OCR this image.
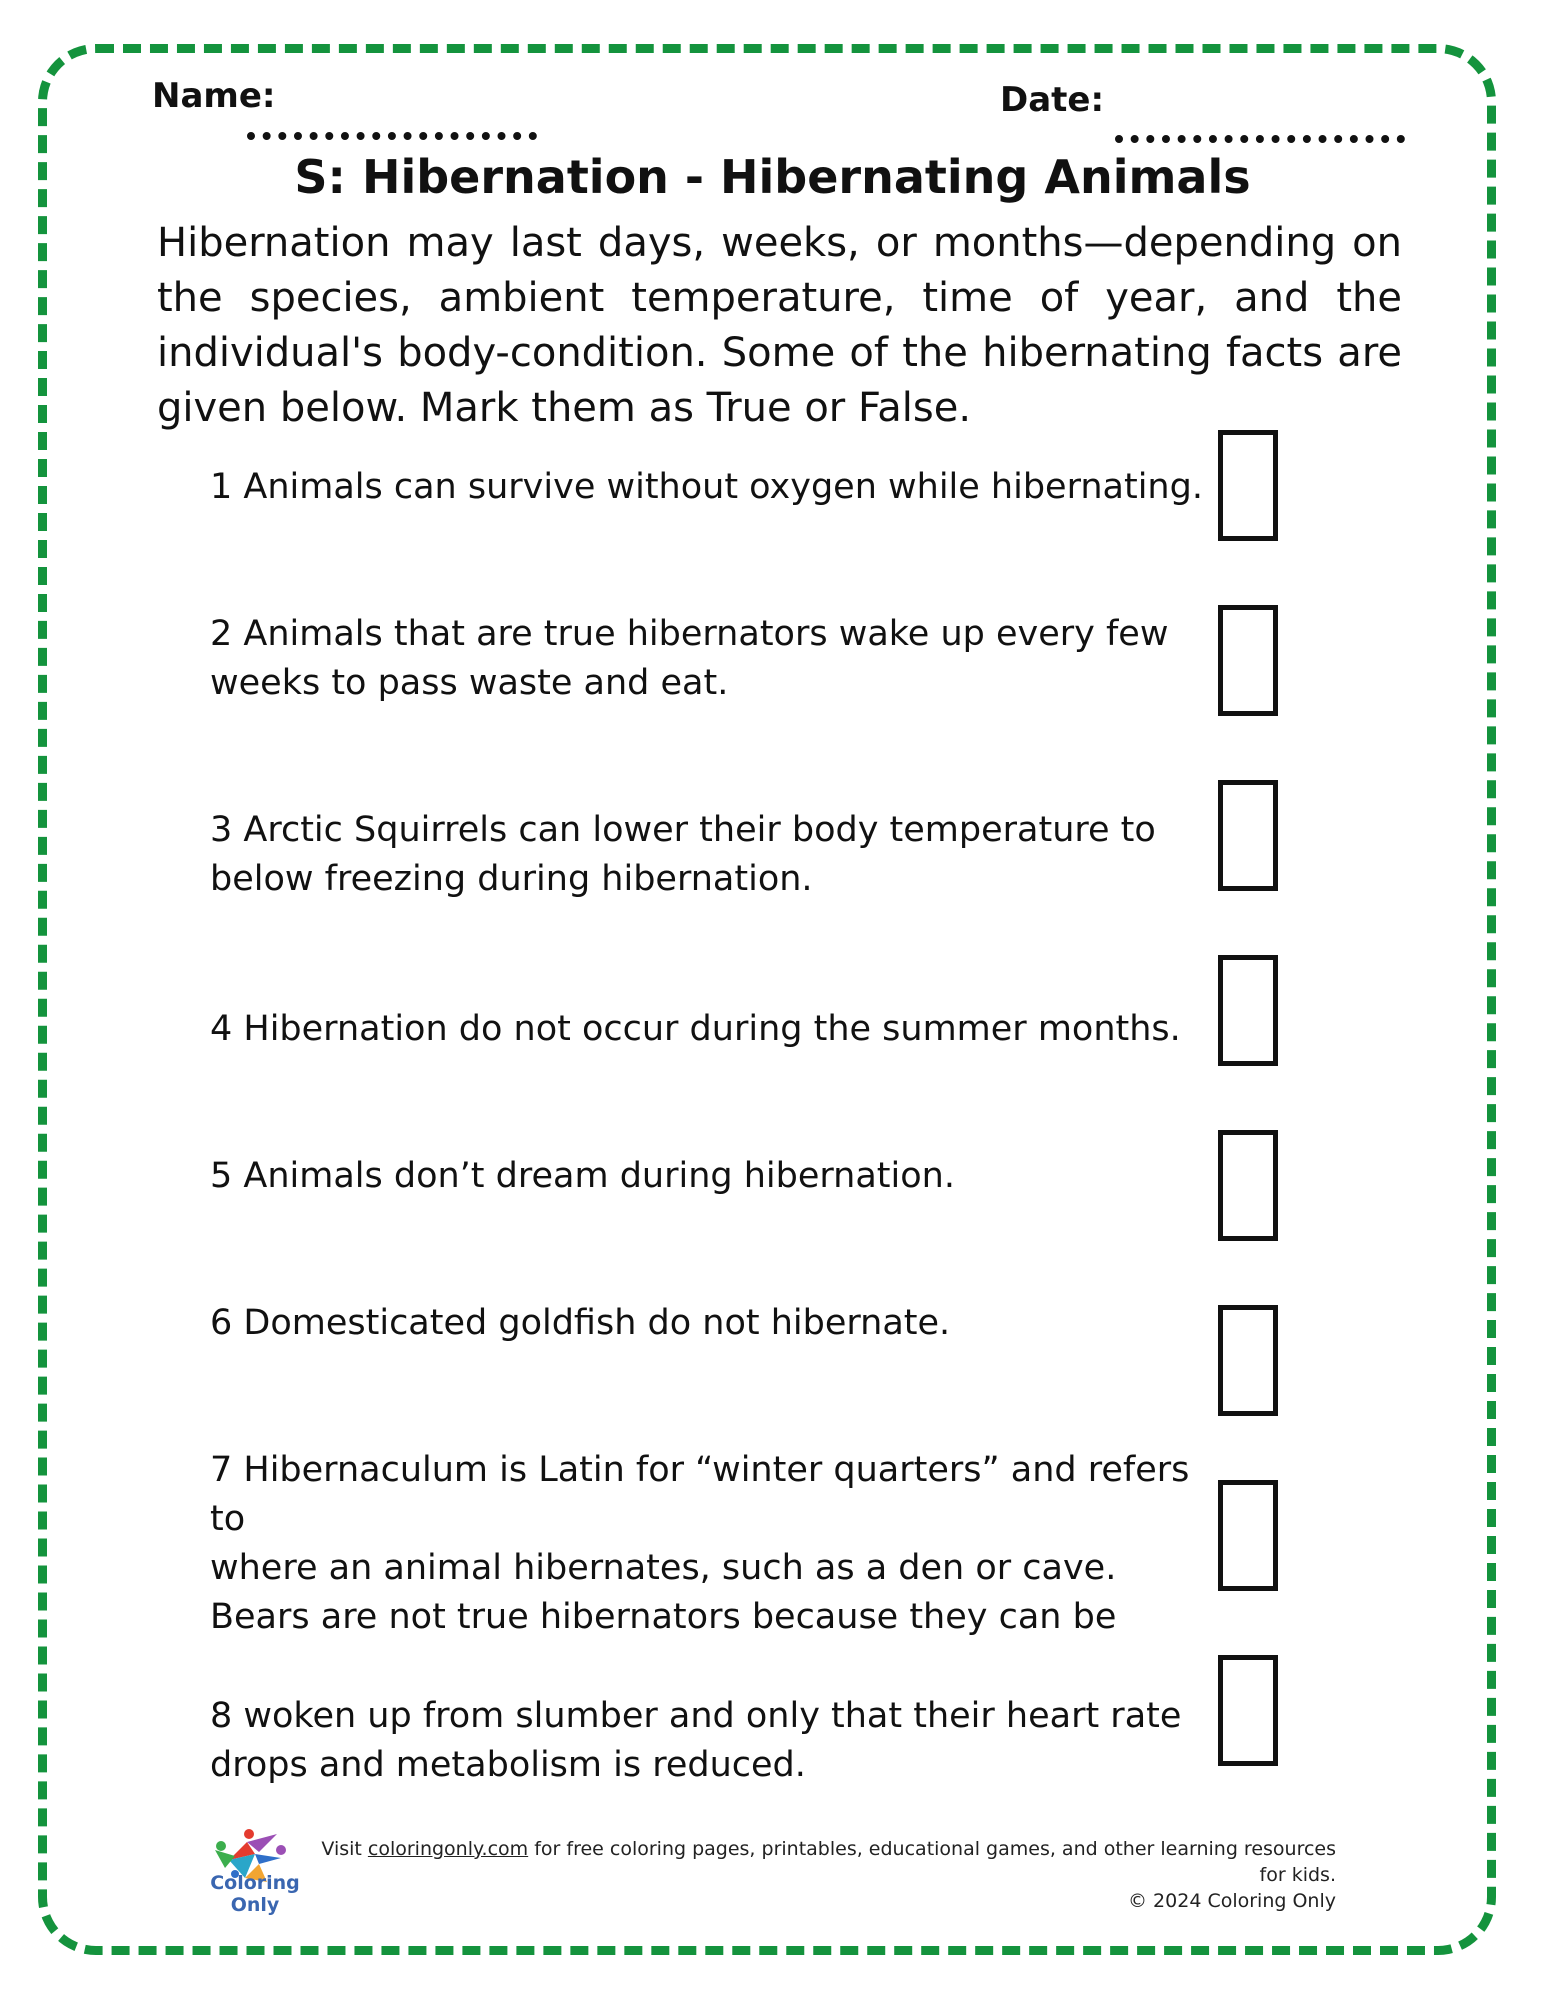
Name:	Date:
S: Hibernation - Hibernating Animals
Hibernation may last days, weeks, or months—depending on the species, ambient temperature, time of year, and the individual's body-condition. Some of the hibernating facts are given below. Mark them as True or False.
1 Animals can survive without oxygen while hibernating.
2 Animals that are true hibernators wake up every few
weeks to pass waste and eat.
3 Arctic Squirrels can lower their body temperature to
below freezing during hibernation.
4 Hibernation do not occur during the summer months.
5 Animals don’t dream during hibernation.
6 Domesticated goldfish do not hibernate.
7 Hibernaculum is Latin for “winter quarters” and refers to
where an animal hibernates, such as a den or cave.
Bears are not true hibernators because they can be
8 woken up from slumber and only that their heart rate
drops and metabolism is reduced.
Coloring Only
Visit coloringonly.com for free coloring pages, printables, educational games, and other learning resources for kids.
© 2024 Coloring Only
